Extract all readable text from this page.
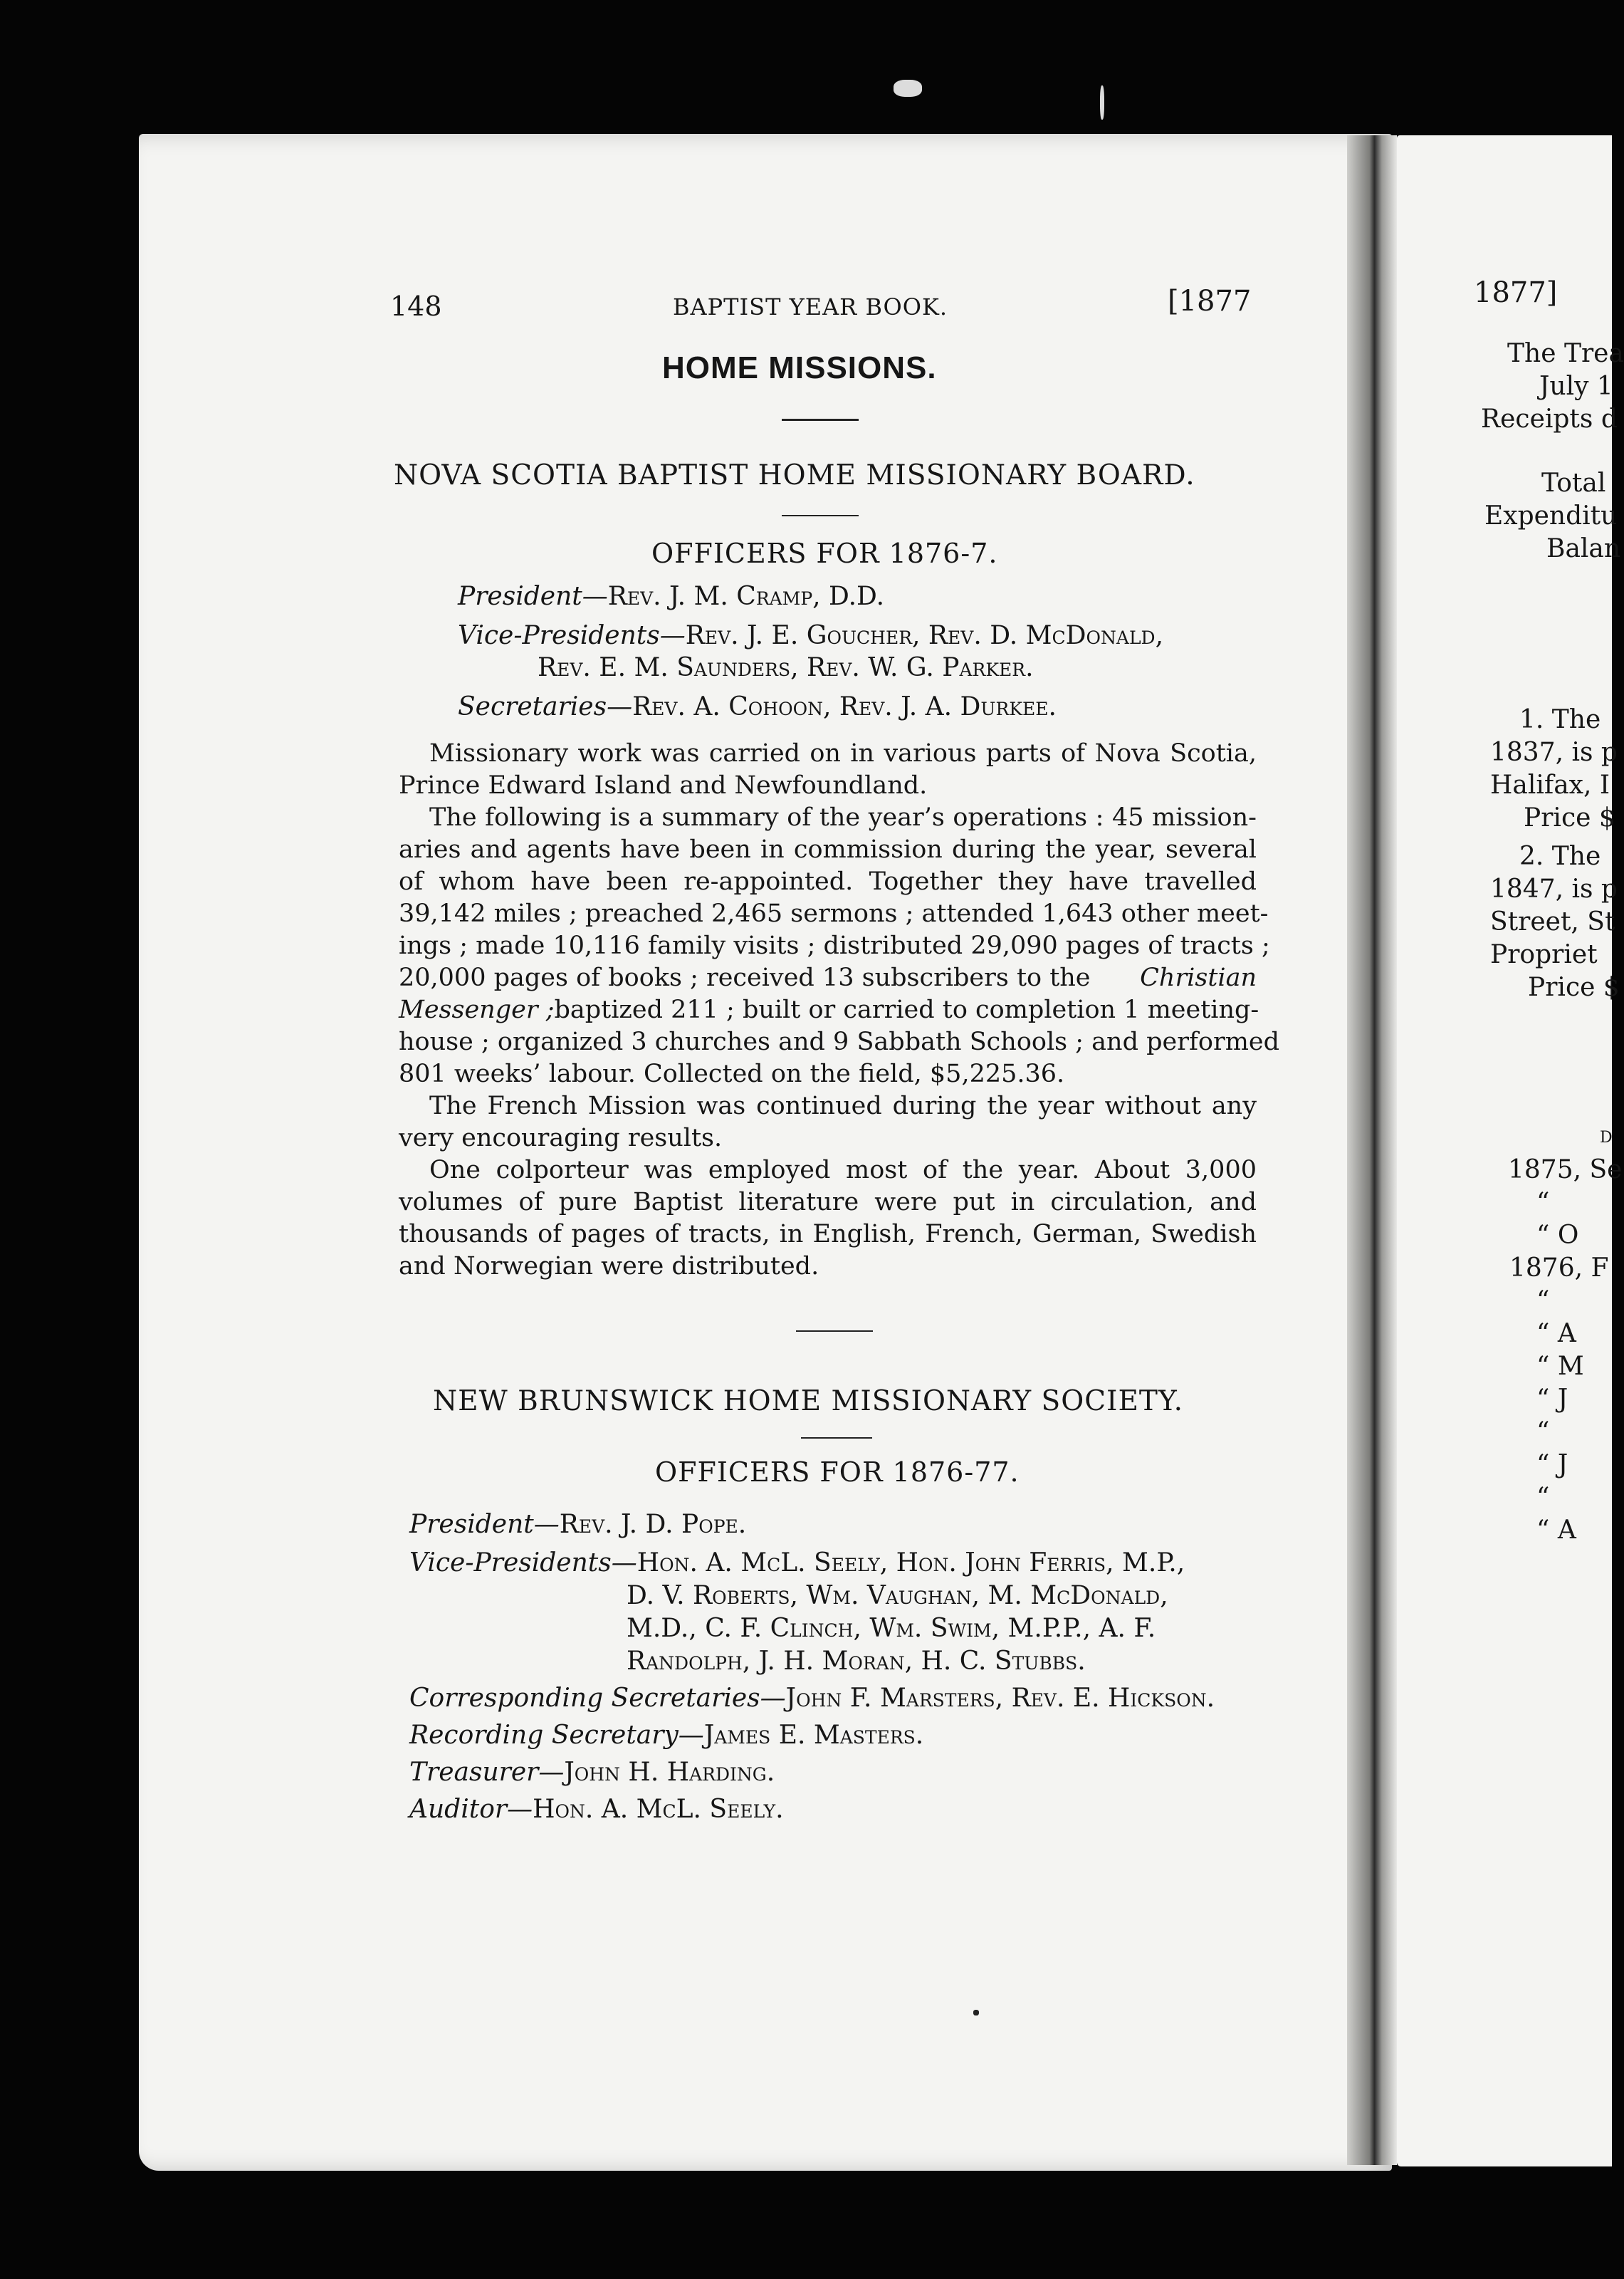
148	BAPTIST YEAR BOOK.	[1877
HOME MISSIONS.
NOVA SCOTIA BAPTIST HOME MISSIONARY BOARD.
OFFICERS FOR 1876-7.
President—Rev. J. M. Cramp, D.D.
Vice-Presidents—Rev. J. E. Goucher, Rev. D. McDonald,
Rev. E. M. Saunders, Rev. W. G. Parker.
Secretaries—Rev. A. Cohoon, Rev. J. A. Durkee.
Missionary work was carried on in various parts of Nova Scotia,
Prince Edward Island and Newfoundland.
The following is a summary of the year’s operations : 45 mission-
aries and agents have been in commission during the year, several
of whom have been re-appointed. Together they have travelled
39,142 miles ; preached 2,465 sermons ; attended 1,643 other meet-
ings ; made 10,116 family visits ; distributed 29,090 pages of tracts ;
20,000 pages of books ; received 13 subscribers to the Christian
Messenger ; baptized 211 ; built or carried to completion 1 meeting-
house ; organized 3 churches and 9 Sabbath Schools ; and performed
801 weeks’ labour. Collected on the field, $5,225.36.
The French Mission was continued during the year without any
very encouraging results.
One colporteur was employed most of the year. About 3,000
volumes of pure Baptist literature were put in circulation, and
thousands of pages of tracts, in English, French, German, Swedish
and Norwegian were distributed.
NEW BRUNSWICK HOME MISSIONARY SOCIETY.
OFFICERS FOR 1876-77.
President—Rev. J. D. Pope.
Vice-Presidents—Hon. A. McL. Seely, Hon. John Ferris, M.P.,
D. V. Roberts, Wm. Vaughan, M. McDonald,
M.D., C. F. Clinch, Wm. Swim, M.P.P., A. F.
Randolph, J. H. Moran, H. C. Stubbs.
Corresponding Secretaries—John F. Marsters, Rev. E. Hickson.
Recording Secretary—James E. Masters.
Treasurer—John H. Harding.
Auditor—Hon. A. McL. Seely.
1877]
The Trea
July 1
Receipts d
Total
Expenditu
Balan
1. The
1837, is p
Halifax, I
Price $
2. The
1847, is p
Street, St
Propriet
Price $
D
1875, Se
“
“ O
1876, F
“
“ A
“ M
“ J
“
“ J
“
“ A
